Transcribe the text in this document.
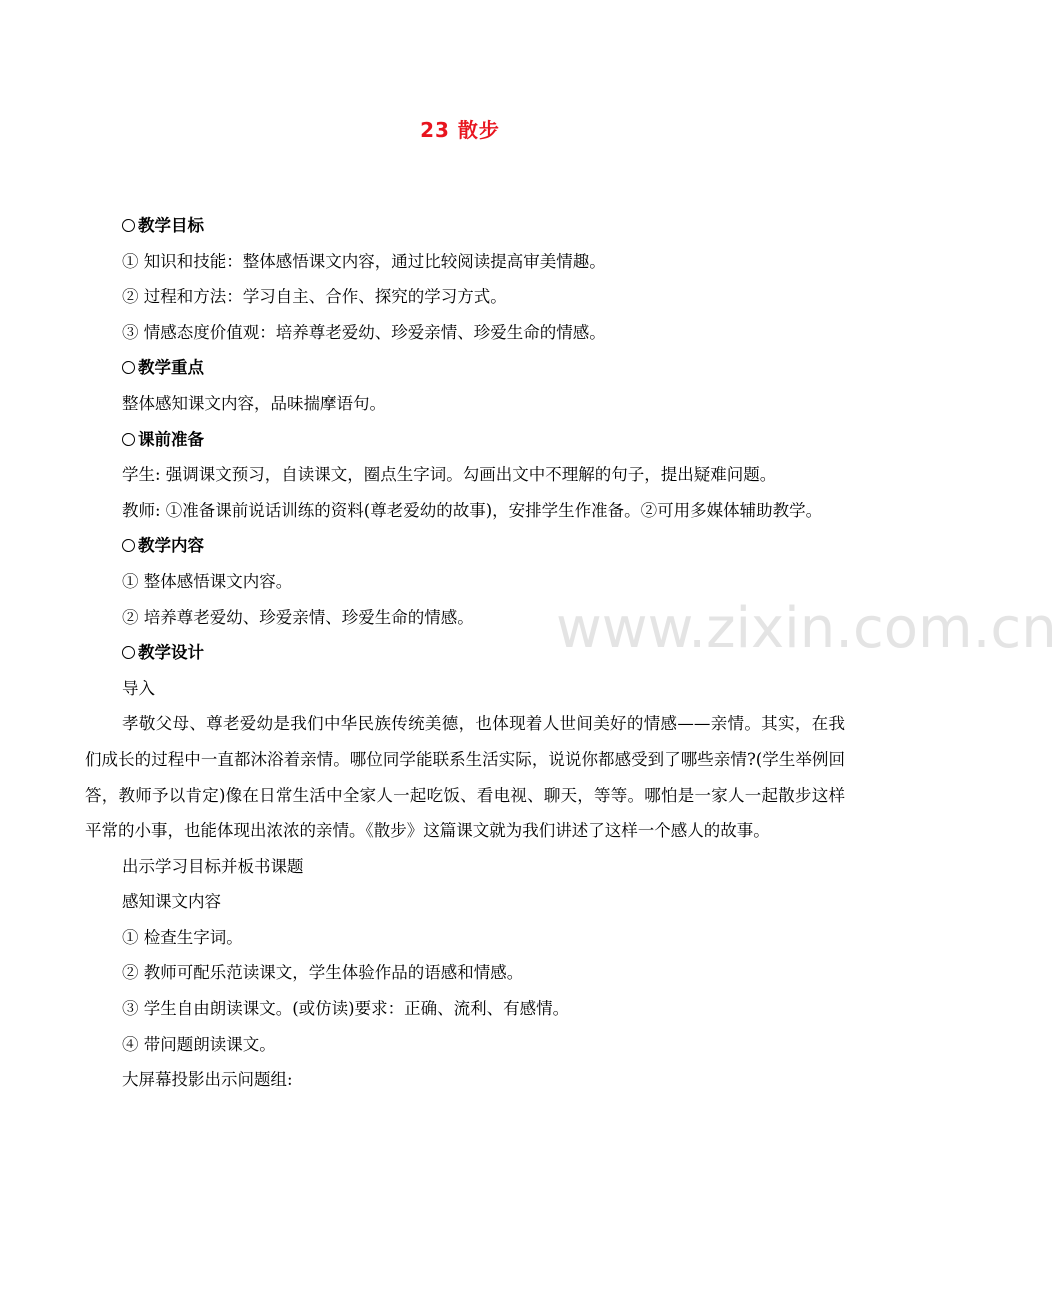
www.zixin.com.cn
23 散步
教学目标
① 知识和技能：整体感悟课文内容，通过比较阅读提高审美情趣。
② 过程和方法：学习自主、合作、探究的学习方式。
③ 情感态度价值观：培养尊老爱幼、珍爱亲情、珍爱生命的情感。
教学重点
整体感知课文内容，品味揣摩语句。
课前准备
学生: 强调课文预习，自读课文，圈点生字词。勾画出文中不理解的句子，提出疑难问题。
教师: ①准备课前说话训练的资料(尊老爱幼的故事)，安排学生作准备。②可用多媒体辅助教学。
教学内容
① 整体感悟课文内容。
② 培养尊老爱幼、珍爱亲情、珍爱生命的情感。
教学设计
导入
孝敬父母、尊老爱幼是我们中华民族传统美德，也体现着人世间美好的情感——亲情。其实，在我们成长的过程中一直都沐浴着亲情。哪位同学能联系生活实际，说说你都感受到了哪些亲情?(学生举例回答，教师予以肯定)像在日常生活中全家人一起吃饭、看电视、聊天，等等。哪怕是一家人一起散步这样平常的小事，也能体现出浓浓的亲情。《散步》这篇课文就为我们讲述了这样一个感人的故事。
出示学习目标并板书课题
感知课文内容
① 检查生字词。
② 教师可配乐范读课文，学生体验作品的语感和情感。
③ 学生自由朗读课文。(或仿读)要求：正确、流利、有感情。
④ 带问题朗读课文。
大屏幕投影出示问题组:
